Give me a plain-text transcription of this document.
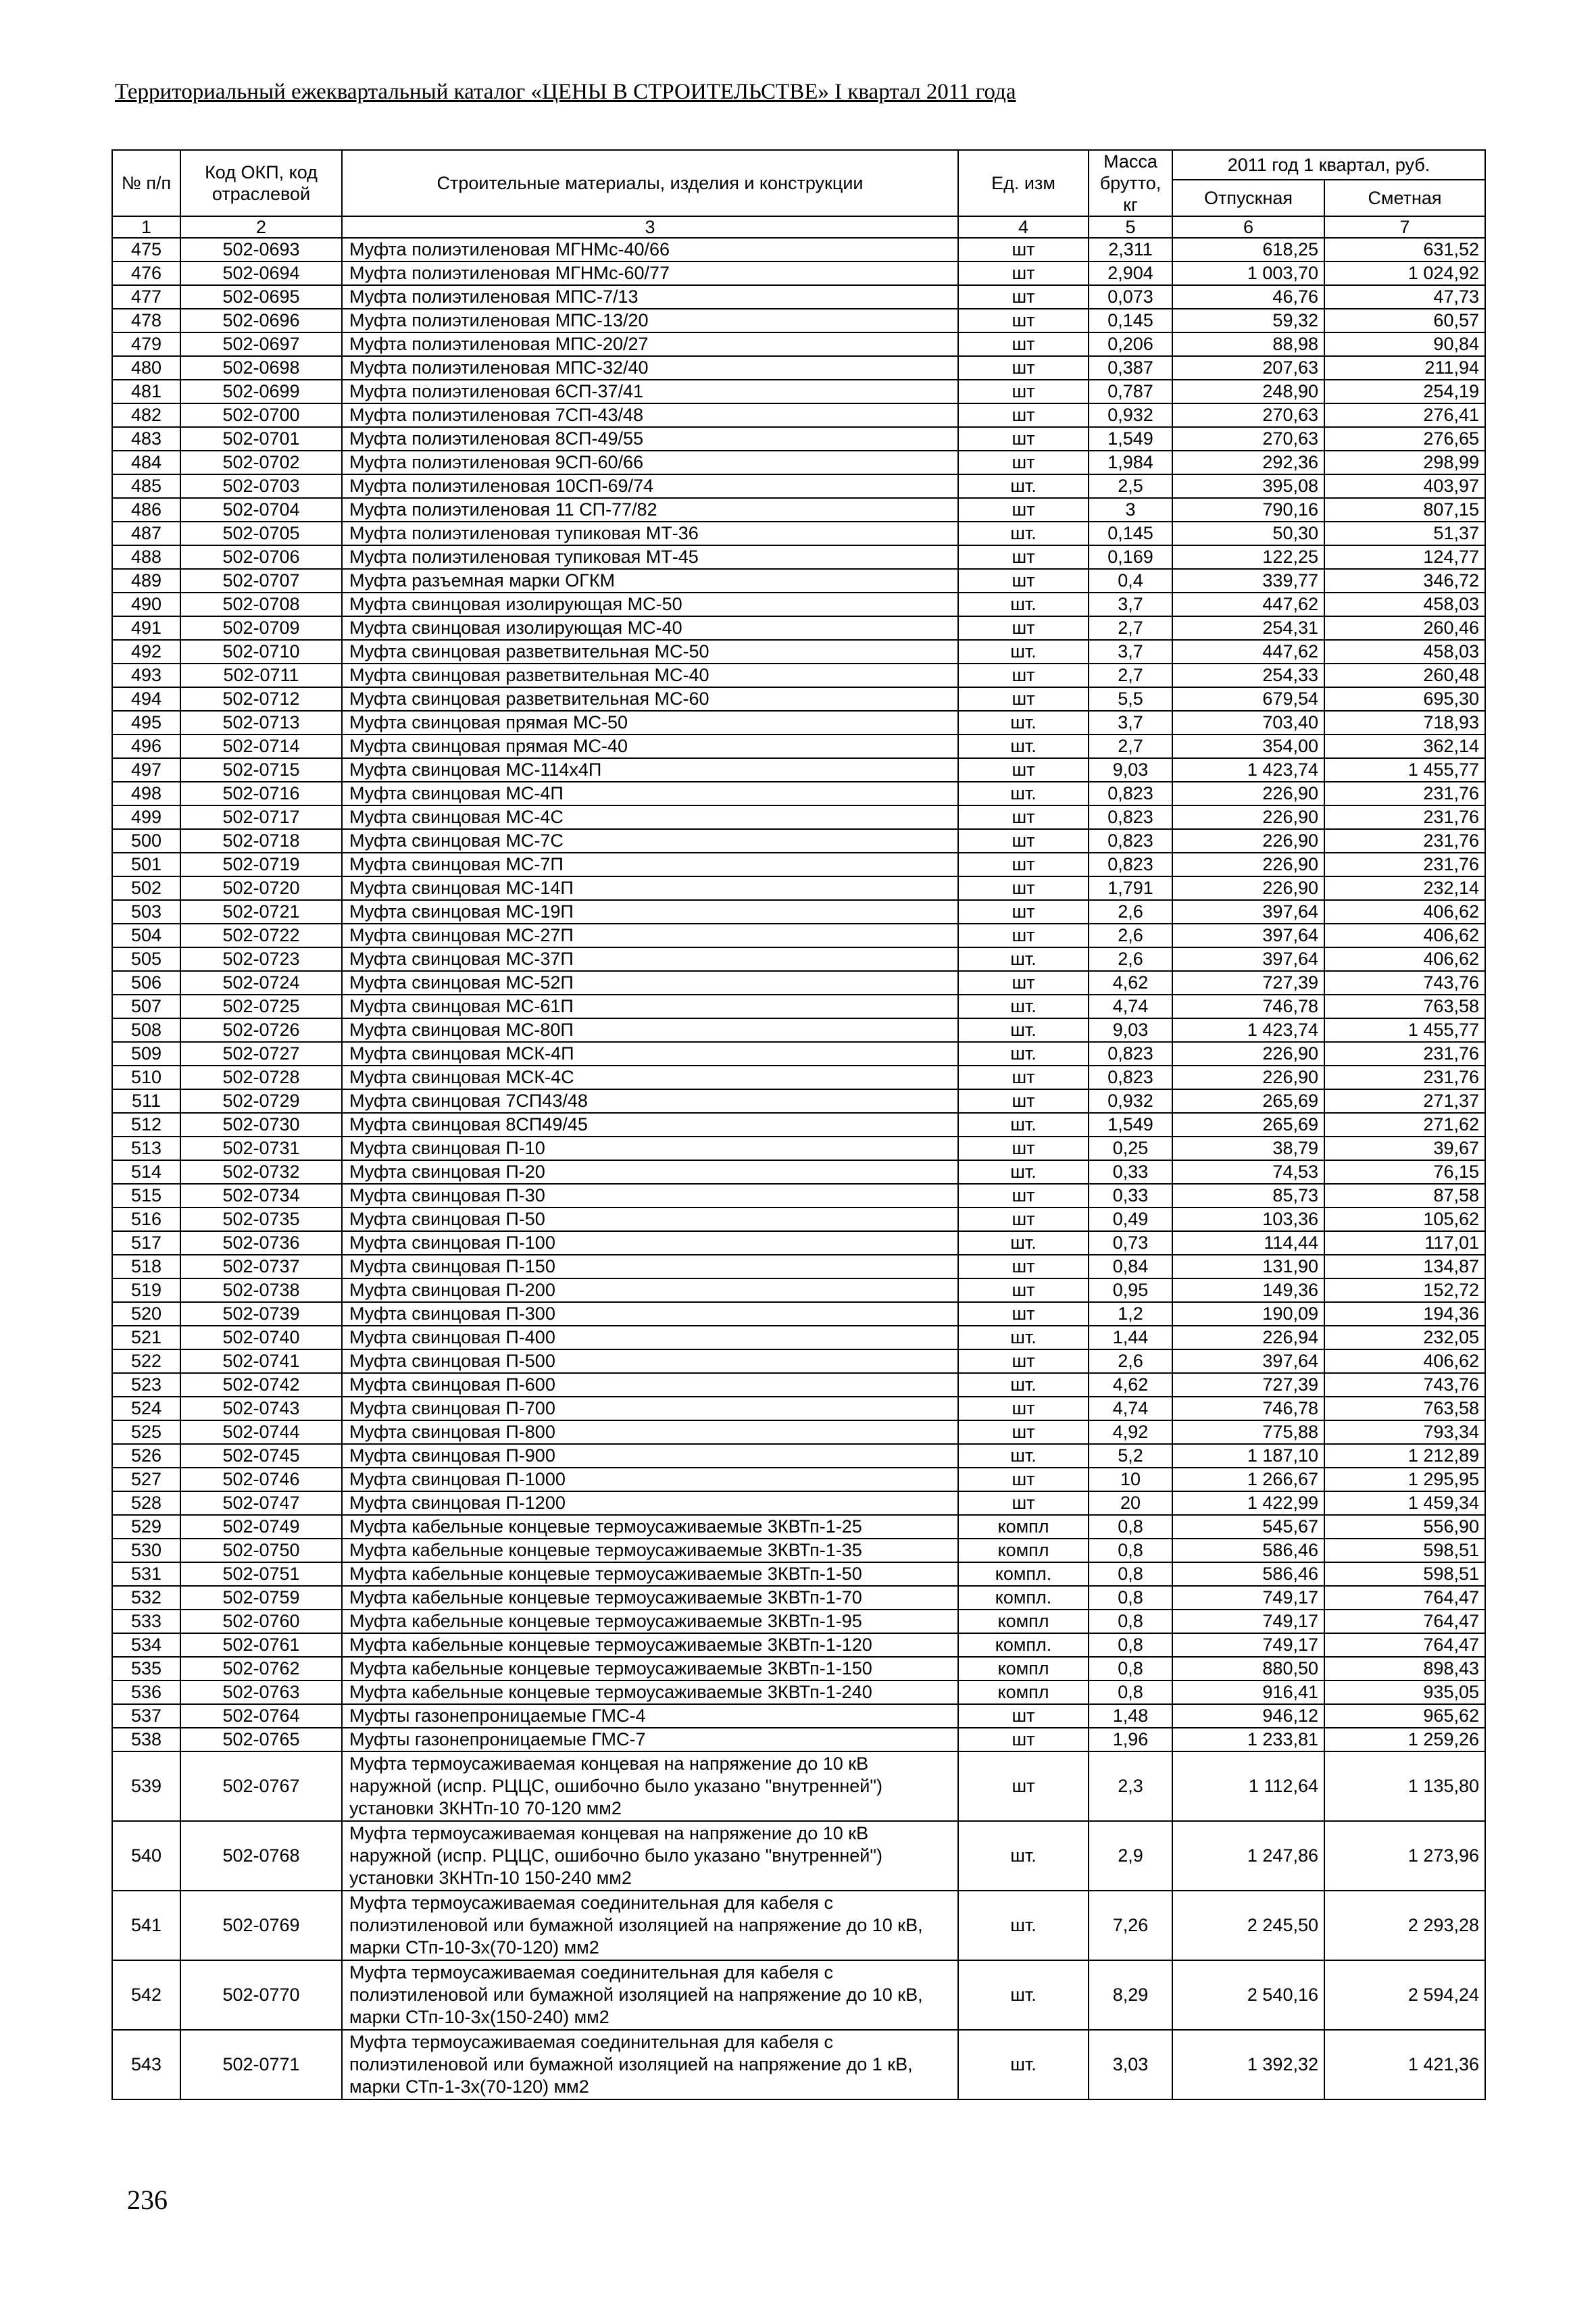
Территориальный ежеквартальный каталог «ЦЕНЫ В СТРОИТЕЛЬСТВЕ» I квартал 2011 года
№ п/п	Код ОКП, код отраслевой	Строительные материалы, изделия и конструкции	Ед. изм	Масса брутто, кг	2011 год 1 квартал, руб.	
					Отпускная	Сметная
1	2	3	4	5	6	7
475	502-0693	Муфта полиэтиленовая МГНМс-40/66	шт	2,311	618,25	631,52
476	502-0694	Муфта полиэтиленовая МГНМс-60/77	шт	2,904	1 003,70	1 024,92
477	502-0695	Муфта полиэтиленовая МПС-7/13	шт	0,073	46,76	47,73
478	502-0696	Муфта полиэтиленовая МПС-13/20	шт	0,145	59,32	60,57
479	502-0697	Муфта полиэтиленовая МПС-20/27	шт	0,206	88,98	90,84
480	502-0698	Муфта полиэтиленовая МПС-32/40	шт	0,387	207,63	211,94
481	502-0699	Муфта полиэтиленовая 6СП-37/41	шт	0,787	248,90	254,19
482	502-0700	Муфта полиэтиленовая 7СП-43/48	шт	0,932	270,63	276,41
483	502-0701	Муфта полиэтиленовая 8СП-49/55	шт	1,549	270,63	276,65
484	502-0702	Муфта полиэтиленовая 9СП-60/66	шт	1,984	292,36	298,99
485	502-0703	Муфта полиэтиленовая 10СП-69/74	шт.	2,5	395,08	403,97
486	502-0704	Муфта полиэтиленовая 11 СП-77/82	шт	3	790,16	807,15
487	502-0705	Муфта полиэтиленовая тупиковая МТ-36	шт.	0,145	50,30	51,37
488	502-0706	Муфта полиэтиленовая тупиковая МТ-45	шт	0,169	122,25	124,77
489	502-0707	Муфта разъемная марки ОГКМ	шт	0,4	339,77	346,72
490	502-0708	Муфта свинцовая изолирующая МС-50	шт.	3,7	447,62	458,03
491	502-0709	Муфта свинцовая изолирующая МС-40	шт	2,7	254,31	260,46
492	502-0710	Муфта свинцовая разветвительная МС-50	шт.	3,7	447,62	458,03
493	502-0711	Муфта свинцовая разветвительная МС-40	шт	2,7	254,33	260,48
494	502-0712	Муфта свинцовая разветвительная МС-60	шт	5,5	679,54	695,30
495	502-0713	Муфта свинцовая прямая МС-50	шт.	3,7	703,40	718,93
496	502-0714	Муфта свинцовая прямая МС-40	шт.	2,7	354,00	362,14
497	502-0715	Муфта свинцовая МС-114х4П	шт	9,03	1 423,74	1 455,77
498	502-0716	Муфта свинцовая МС-4П	шт.	0,823	226,90	231,76
499	502-0717	Муфта свинцовая МС-4С	шт	0,823	226,90	231,76
500	502-0718	Муфта свинцовая МС-7С	шт	0,823	226,90	231,76
501	502-0719	Муфта свинцовая МС-7П	шт	0,823	226,90	231,76
502	502-0720	Муфта свинцовая МС-14П	шт	1,791	226,90	232,14
503	502-0721	Муфта свинцовая МС-19П	шт	2,6	397,64	406,62
504	502-0722	Муфта свинцовая МС-27П	шт	2,6	397,64	406,62
505	502-0723	Муфта свинцовая МС-37П	шт.	2,6	397,64	406,62
506	502-0724	Муфта свинцовая МС-52П	шт	4,62	727,39	743,76
507	502-0725	Муфта свинцовая МС-61П	шт.	4,74	746,78	763,58
508	502-0726	Муфта свинцовая МС-80П	шт.	9,03	1 423,74	1 455,77
509	502-0727	Муфта свинцовая МСК-4П	шт.	0,823	226,90	231,76
510	502-0728	Муфта свинцовая МСК-4С	шт	0,823	226,90	231,76
511	502-0729	Муфта свинцовая 7СП43/48	шт	0,932	265,69	271,37
512	502-0730	Муфта свинцовая 8СП49/45	шт.	1,549	265,69	271,62
513	502-0731	Муфта свинцовая П-10	шт	0,25	38,79	39,67
514	502-0732	Муфта свинцовая П-20	шт.	0,33	74,53	76,15
515	502-0734	Муфта свинцовая П-30	шт	0,33	85,73	87,58
516	502-0735	Муфта свинцовая П-50	шт	0,49	103,36	105,62
517	502-0736	Муфта свинцовая П-100	шт.	0,73	114,44	117,01
518	502-0737	Муфта свинцовая П-150	шт	0,84	131,90	134,87
519	502-0738	Муфта свинцовая П-200	шт	0,95	149,36	152,72
520	502-0739	Муфта свинцовая П-300	шт	1,2	190,09	194,36
521	502-0740	Муфта свинцовая П-400	шт.	1,44	226,94	232,05
522	502-0741	Муфта свинцовая П-500	шт	2,6	397,64	406,62
523	502-0742	Муфта свинцовая П-600	шт.	4,62	727,39	743,76
524	502-0743	Муфта свинцовая П-700	шт	4,74	746,78	763,58
525	502-0744	Муфта свинцовая П-800	шт	4,92	775,88	793,34
526	502-0745	Муфта свинцовая П-900	шт.	5,2	1 187,10	1 212,89
527	502-0746	Муфта свинцовая П-1000	шт	10	1 266,67	1 295,95
528	502-0747	Муфта свинцовая П-1200	шт	20	1 422,99	1 459,34
529	502-0749	Муфта кабельные концевые термоусаживаемые 3КВТп-1-25	компл	0,8	545,67	556,90
530	502-0750	Муфта кабельные концевые термоусаживаемые 3КВТп-1-35	компл	0,8	586,46	598,51
531	502-0751	Муфта кабельные концевые термоусаживаемые 3КВТп-1-50	компл.	0,8	586,46	598,51
532	502-0759	Муфта кабельные концевые термоусаживаемые 3КВТп-1-70	компл.	0,8	749,17	764,47
533	502-0760	Муфта кабельные концевые термоусаживаемые 3КВТп-1-95	компл	0,8	749,17	764,47
534	502-0761	Муфта кабельные концевые термоусаживаемые 3КВТп-1-120	компл.	0,8	749,17	764,47
535	502-0762	Муфта кабельные концевые термоусаживаемые 3КВТп-1-150	компл	0,8	880,50	898,43
536	502-0763	Муфта кабельные концевые термоусаживаемые 3КВТп-1-240	компл	0,8	916,41	935,05
537	502-0764	Муфты газонепроницаемые ГМС-4	шт	1,48	946,12	965,62
538	502-0765	Муфты газонепроницаемые ГМС-7	шт	1,96	1 233,81	1 259,26
539	502-0767	Муфта термоусаживаемая концевая на напряжение до 10 кВ наружной (испр. РЦЦС, ошибочно было указано "внутренней") установки 3КНТп-10 70-120 мм2	шт	2,3	1 112,64	1 135,80
540	502-0768	Муфта термоусаживаемая концевая на напряжение до 10 кВ наружной (испр. РЦЦС, ошибочно было указано "внутренней") установки 3КНТп-10 150-240 мм2	шт.	2,9	1 247,86	1 273,96
541	502-0769	Муфта термоусаживаемая соединительная для кабеля с полиэтиленовой или бумажной изоляцией на напряжение до 10 кВ, марки СТп-10-3х(70-120) мм2	шт.	7,26	2 245,50	2 293,28
542	502-0770	Муфта термоусаживаемая соединительная для кабеля с полиэтиленовой или бумажной изоляцией на напряжение до 10 кВ, марки СТп-10-3х(150-240) мм2	шт.	8,29	2 540,16	2 594,24
543	502-0771	Муфта термоусаживаемая соединительная для кабеля с полиэтиленовой или бумажной изоляцией на напряжение до 1 кВ, марки СТп-1-3х(70-120) мм2	шт.	3,03	1 392,32	1 421,36
236
